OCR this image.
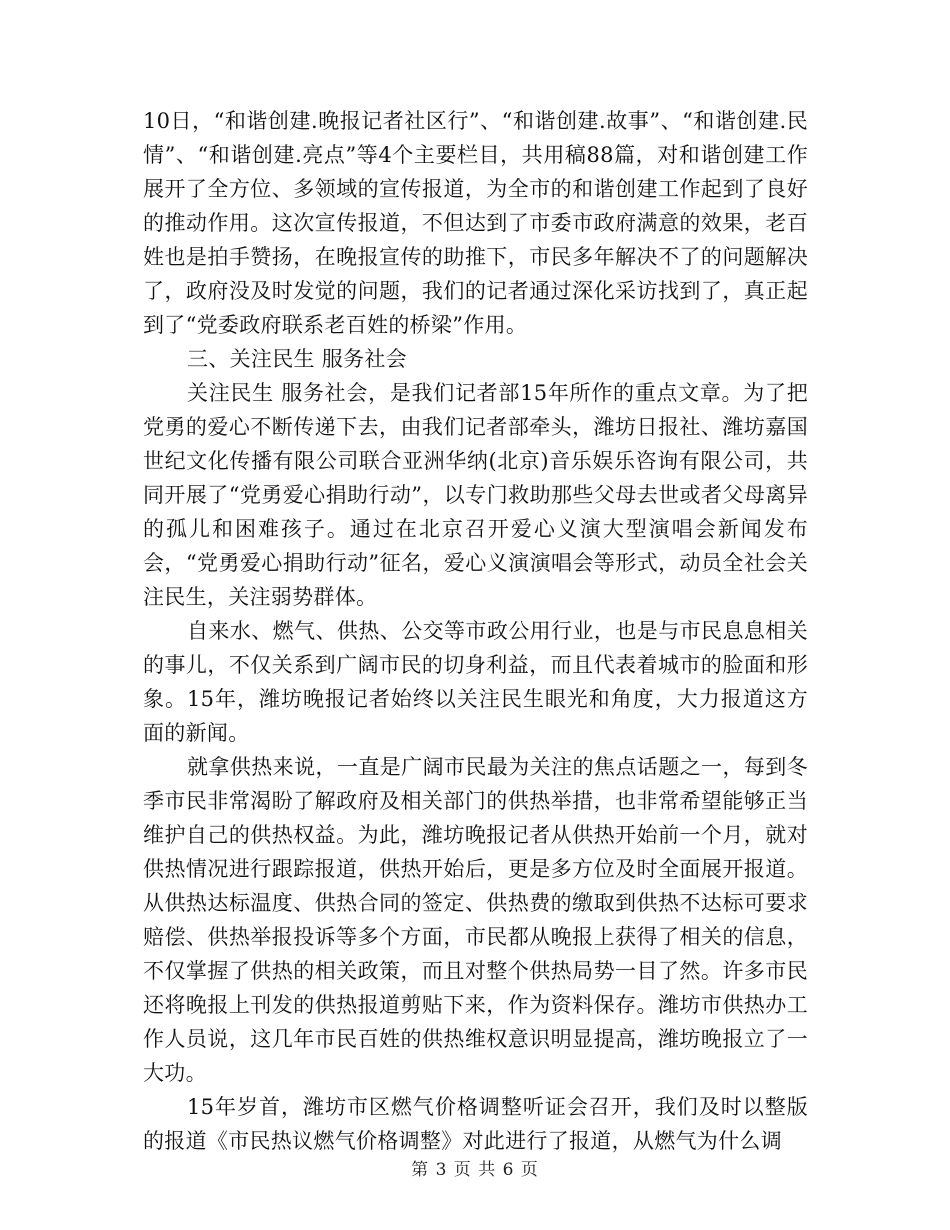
10日，“和谐创建.晚报记者社区行”、“和谐创建.故事”、“和谐创建.民情”、“和谐创建.亮点”等4个主要栏目，共用稿88篇，对和谐创建工作展开了全方位、多领域的宣传报道，为全市的和谐创建工作起到了良好的推动作用。这次宣传报道，不但达到了市委市政府满意的效果，老百姓也是拍手赞扬，在晚报宣传的助推下，市民多年解决不了的问题解决了，政府没及时发觉的问题，我们的记者通过深化采访找到了，真正起到了“党委政府联系老百姓的桥梁”作用。

三、关注民生 服务社会

关注民生 服务社会，是我们记者部15年所作的重点文章。为了把党勇的爱心不断传递下去，由我们记者部牵头，潍坊日报社、潍坊嘉国世纪文化传播有限公司联合亚洲华纳(北京)音乐娱乐咨询有限公司，共同开展了“党勇爱心捐助行动”，以专门救助那些父母去世或者父母离异的孤儿和困难孩子。通过在北京召开爱心义演大型演唱会新闻发布会，“党勇爱心捐助行动”征名，爱心义演演唱会等形式，动员全社会关注民生，关注弱势群体。

自来水、燃气、供热、公交等市政公用行业，也是与市民息息相关的事儿，不仅关系到广阔市民的切身利益，而且代表着城市的脸面和形象。15年，潍坊晚报记者始终以关注民生眼光和角度，大力报道这方面的新闻。

就拿供热来说，一直是广阔市民最为关注的焦点话题之一，每到冬季市民非常渴盼了解政府及相关部门的供热举措，也非常希望能够正当维护自己的供热权益。为此，潍坊晚报记者从供热开始前一个月，就对供热情况进行跟踪报道，供热开始后，更是多方位及时全面展开报道。从供热达标温度、供热合同的签定、供热费的缴取到供热不达标可要求赔偿、供热举报投诉等多个方面，市民都从晚报上获得了相关的信息，不仅掌握了供热的相关政策，而且对整个供热局势一目了然。许多市民还将晚报上刊发的供热报道剪贴下来，作为资料保存。潍坊市供热办工作人员说，这几年市民百姓的供热维权意识明显提高，潍坊晚报立了一大功。

15年岁首，潍坊市区燃气价格调整听证会召开，我们及时以整版的报道《市民热议燃气价格调整》对此进行了报道，从燃气为什么调

第 3 页 共 6 页
